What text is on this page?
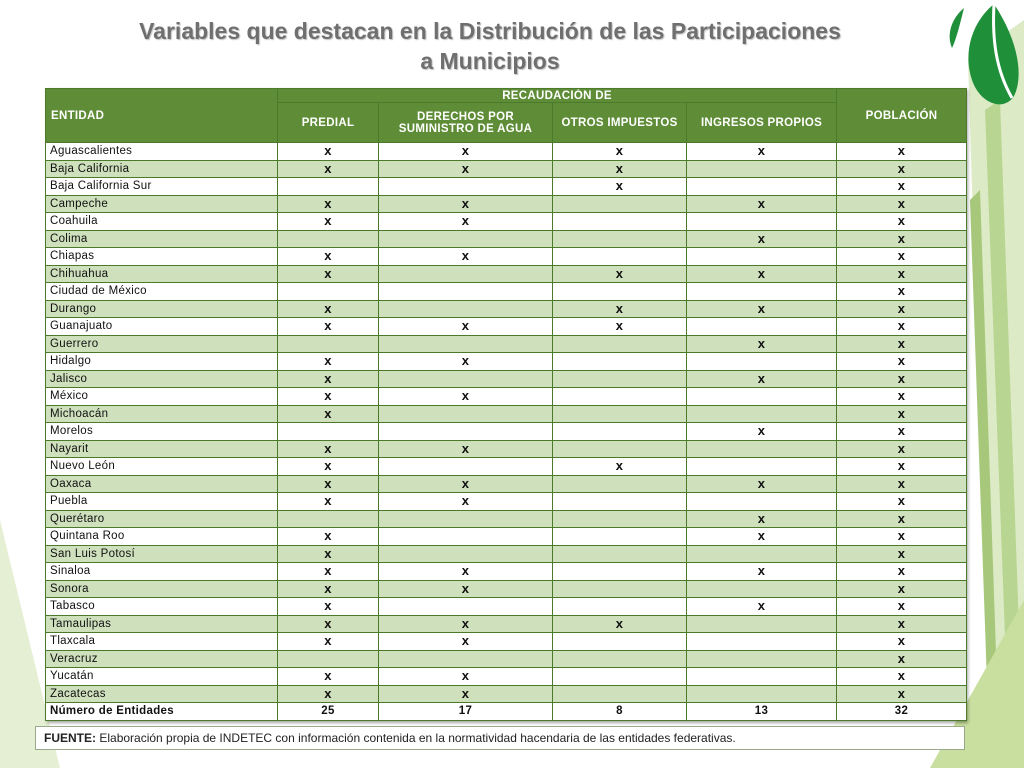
Variables que destacan en la Distribución de las Participaciones
a Municipios
ENTIDAD	RECAUDACIÓN DE				POBLACIÓN
	PREDIAL	DERECHOS POR SUMINISTRO DE AGUA	OTROS IMPUESTOS	INGRESOS PROPIOS	
Aguascalientes	x	x	x	x	x
Baja California	x	x	x		x
Baja California Sur			x		x
Campeche	x	x		x	x
Coahuila	x	x			x
Colima				x	x
Chiapas	x	x			x
Chihuahua	x		x	x	x
Ciudad de México					x
Durango	x		x	x	x
Guanajuato	x	x	x		x
Guerrero				x	x
Hidalgo	x	x			x
Jalisco	x			x	x
México	x	x			x
Michoacán	x				x
Morelos				x	x
Nayarit	x	x			x
Nuevo León	x		x		x
Oaxaca	x	x		x	x
Puebla	x	x			x
Querétaro				x	x
Quintana Roo	x			x	x
San Luis Potosí	x				x
Sinaloa	x	x		x	x
Sonora	x	x			x
Tabasco	x			x	x
Tamaulipas	x	x	x		x
Tlaxcala	x	x			x
Veracruz					x
Yucatán	x	x			x
Zacatecas	x	x			x
Número de Entidades	25	17	8	13	32
FUENTE: Elaboración propia de INDETEC con información contenida en la normatividad hacendaria de las entidades federativas.
